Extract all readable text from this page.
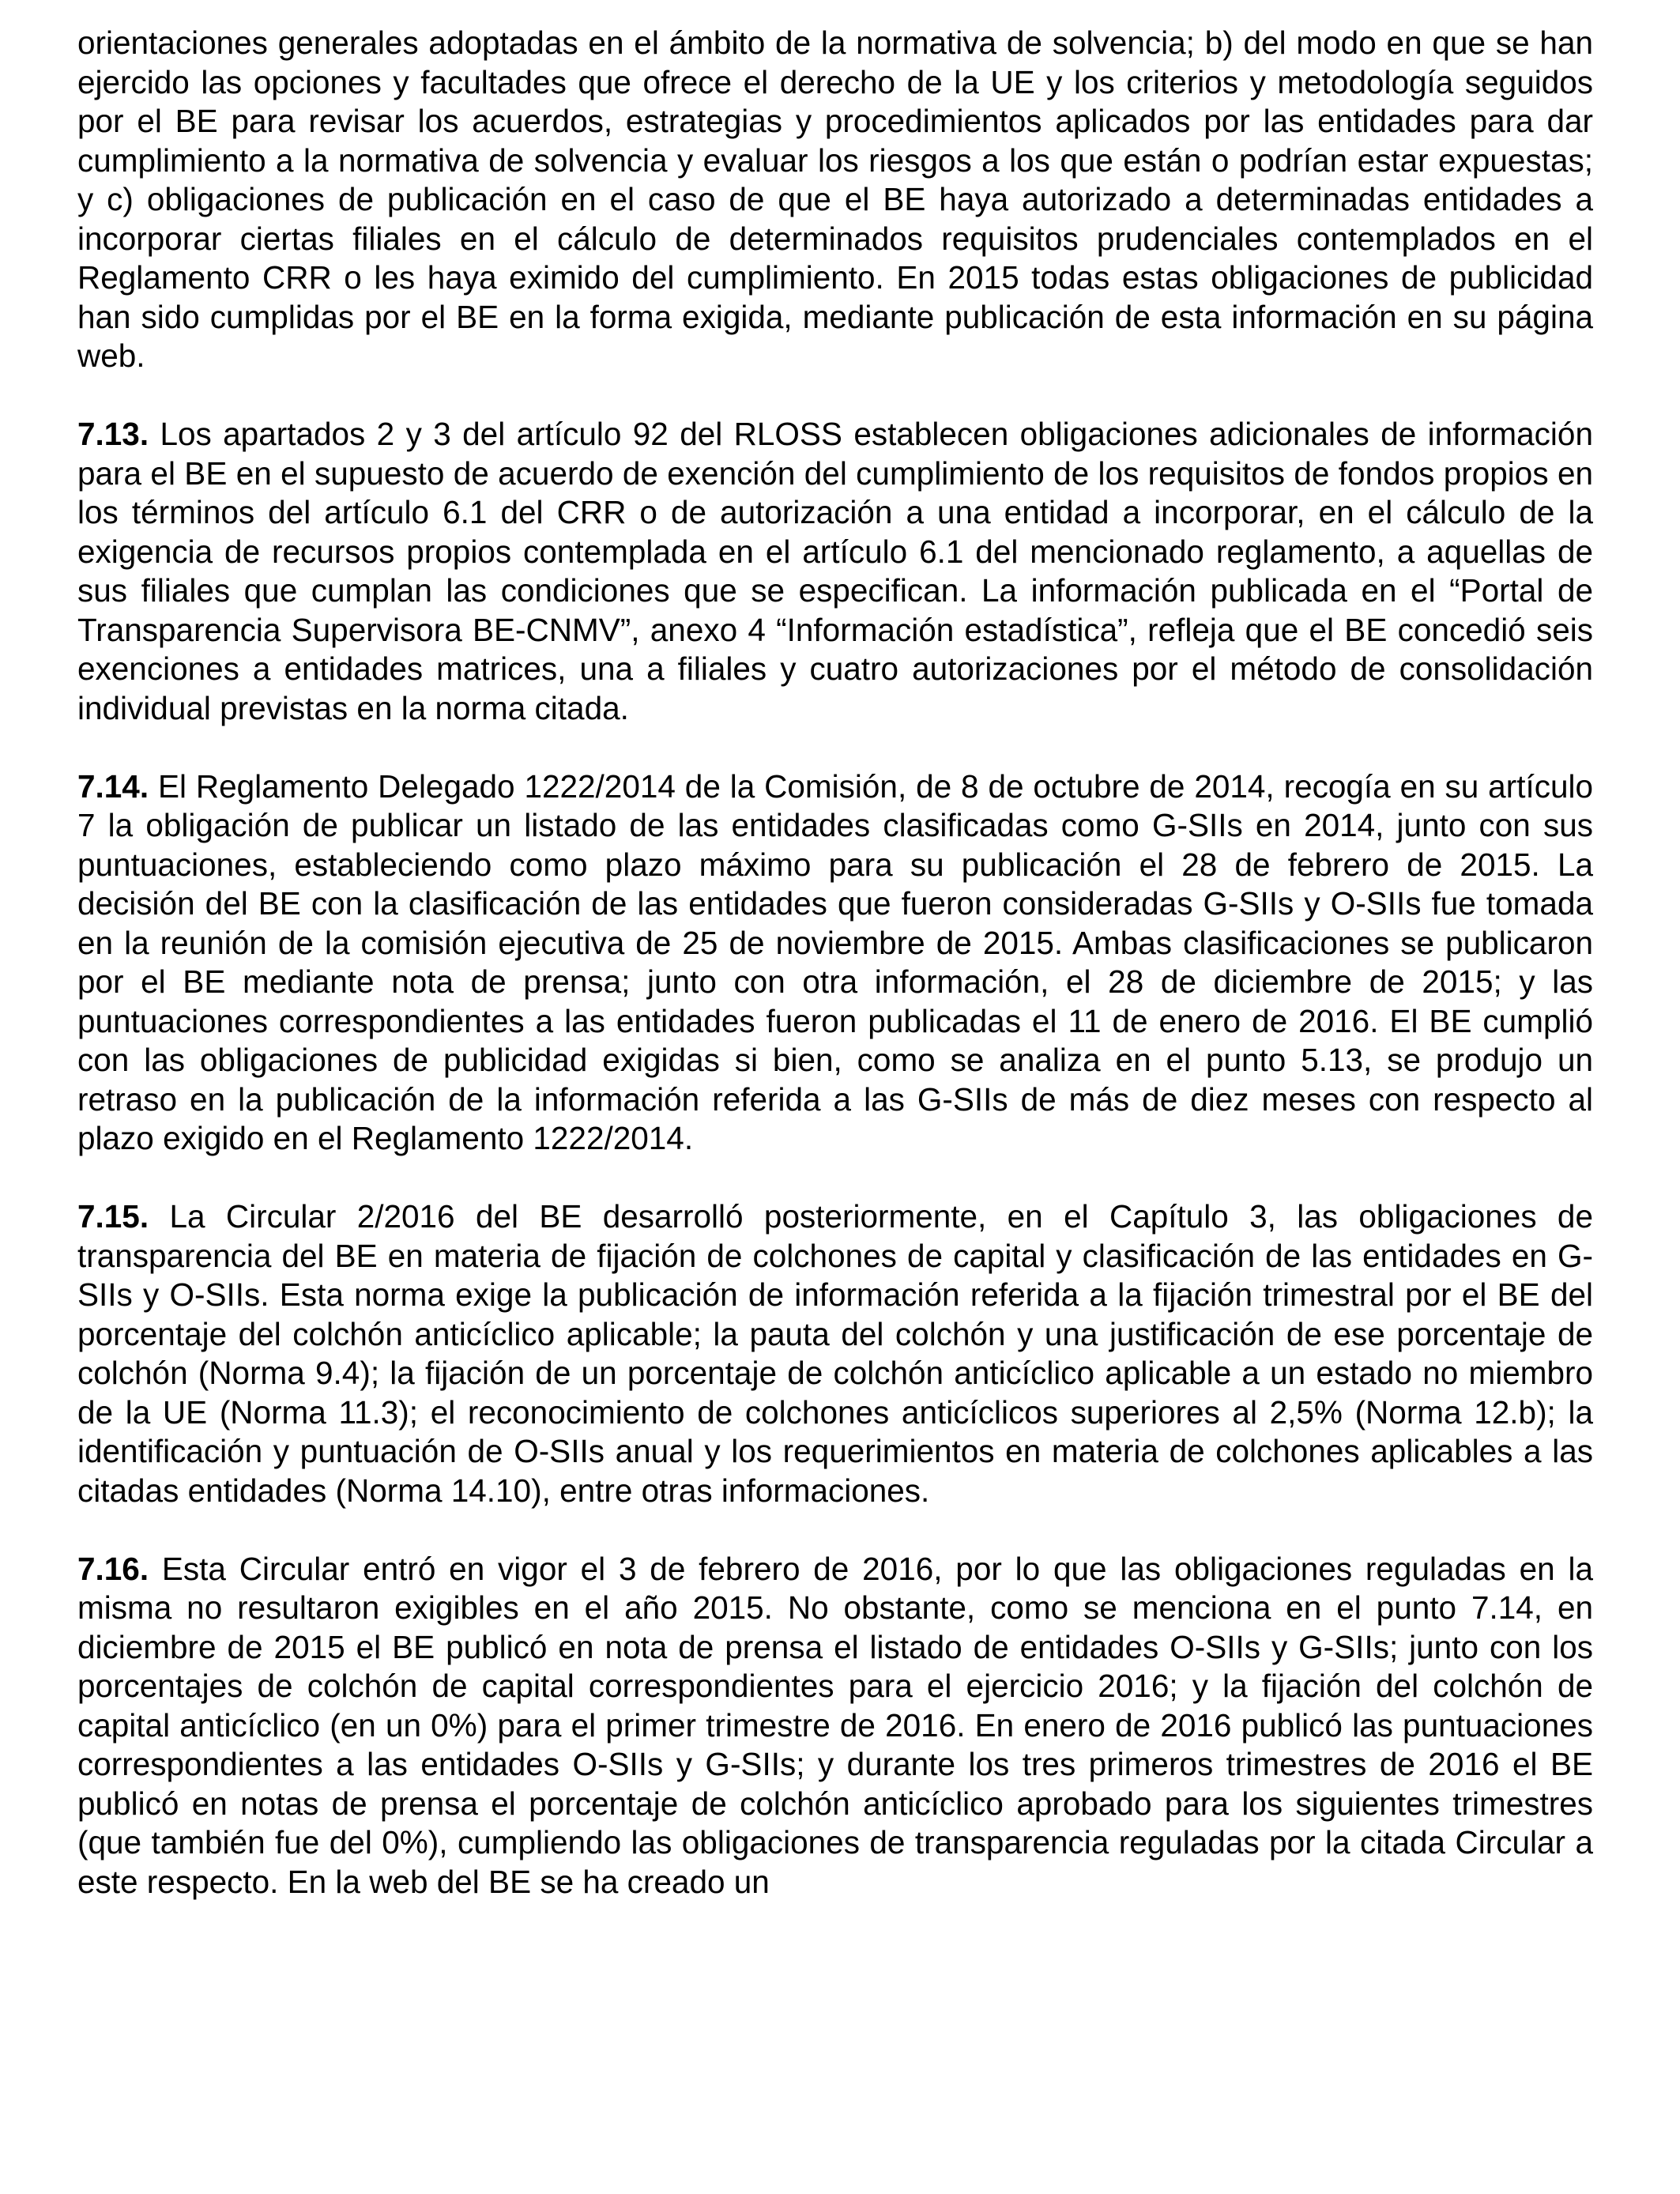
orientaciones generales adoptadas en el ámbito de la normativa de solvencia; b) del modo en que se han ejercido las opciones y facultades que ofrece el derecho de la UE y los criterios y metodología seguidos por el BE para revisar los acuerdos, estrategias y procedimientos aplicados por las entidades para dar cumplimiento a la normativa de solvencia y evaluar los riesgos a los que están o podrían estar expuestas; y c) obligaciones de publicación en el caso de que el BE haya autorizado a determinadas entidades a incorporar ciertas filiales en el cálculo de determinados requisitos prudenciales contemplados en el Reglamento CRR o les haya eximido del cumplimiento. En 2015 todas estas obligaciones de publicidad han sido cumplidas por el BE en la forma exigida, mediante publicación de esta información en su página web.

7.13. Los apartados 2 y 3 del artículo 92 del RLOSS establecen obligaciones adicionales de información para el BE en el supuesto de acuerdo de exención del cumplimiento de los requisitos de fondos propios en los términos del artículo 6.1 del CRR o de autorización a una entidad a incorporar, en el cálculo de la exigencia de recursos propios contemplada en el artículo 6.1 del mencionado reglamento, a aquellas de sus filiales que cumplan las condiciones que se especifican. La información publicada en el “Portal de Transparencia Supervisora BE-CNMV”, anexo 4 “Información estadística”, refleja que el BE concedió seis exenciones a entidades matrices, una a filiales y cuatro autorizaciones por el método de consolidación individual previstas en la norma citada.

7.14. El Reglamento Delegado 1222/2014 de la Comisión, de 8 de octubre de 2014, recogía en su artículo 7 la obligación de publicar un listado de las entidades clasificadas como G-SIIs en 2014, junto con sus puntuaciones, estableciendo como plazo máximo para su publicación el 28 de febrero de 2015. La decisión del BE con la clasificación de las entidades que fueron consideradas G-SIIs y O-SIIs fue tomada en la reunión de la comisión ejecutiva de 25 de noviembre de 2015. Ambas clasificaciones se publicaron por el BE mediante nota de prensa; junto con otra información, el 28 de diciembre de 2015; y las puntuaciones correspondientes a las entidades fueron publicadas el 11 de enero de 2016. El BE cumplió con las obligaciones de publicidad exigidas si bien, como se analiza en el punto 5.13, se produjo un retraso en la publicación de la información referida a las G-SIIs de más de diez meses con respecto al plazo exigido en el Reglamento 1222/2014.

7.15. La Circular 2/2016 del BE desarrolló posteriormente, en el Capítulo 3, las obligaciones de transparencia del BE en materia de fijación de colchones de capital y clasificación de las entidades en G-SIIs y O-SIIs. Esta norma exige la publicación de información referida a la fijación trimestral por el BE del porcentaje del colchón anticíclico aplicable; la pauta del colchón y una justificación de ese porcentaje de colchón (Norma 9.4); la fijación de un porcentaje de colchón anticíclico aplicable a un estado no miembro de la UE (Norma 11.3); el reconocimiento de colchones anticíclicos superiores al 2,5% (Norma 12.b); la identificación y puntuación de O-SIIs anual y los requerimientos en materia de colchones aplicables a las citadas entidades (Norma 14.10), entre otras informaciones.

7.16. Esta Circular entró en vigor el 3 de febrero de 2016, por lo que las obligaciones reguladas en la misma no resultaron exigibles en el año 2015. No obstante, como se menciona en el punto 7.14, en diciembre de 2015 el BE publicó en nota de prensa el listado de entidades O-SIIs y G-SIIs; junto con los porcentajes de colchón de capital correspondientes para el ejercicio 2016; y la fijación del colchón de capital anticíclico (en un 0%) para el primer trimestre de 2016. En enero de 2016 publicó las puntuaciones correspondientes a las entidades O-SIIs y G-SIIs; y durante los tres primeros trimestres de 2016 el BE publicó en notas de prensa el porcentaje de colchón anticíclico aprobado para los siguientes trimestres (que también fue del 0%), cumpliendo las obligaciones de transparencia reguladas por la citada Circular a este respecto. En la web del BE se ha creado un
